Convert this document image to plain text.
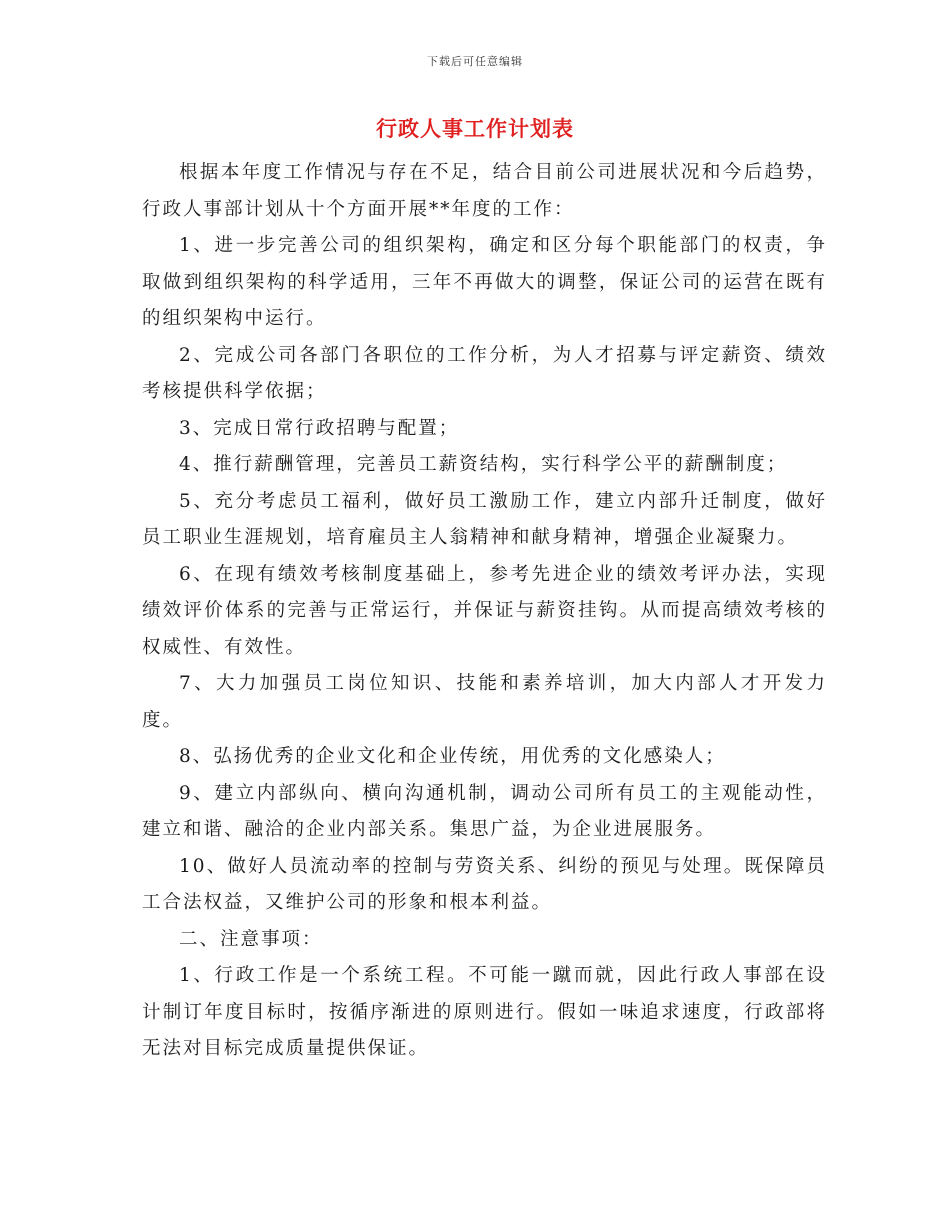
下载后可任意编辑
行政人事工作计划表

根据本年度工作情况与存在不足，结合目前公司进展状况和今后趋势，行政人事部计划从十个方面开展**年度的工作：

1、进一步完善公司的组织架构，确定和区分每个职能部门的权责，争取做到组织架构的科学适用，三年不再做大的调整，保证公司的运营在既有的组织架构中运行。

2、完成公司各部门各职位的工作分析，为人才招募与评定薪资、绩效考核提供科学依据；

3、完成日常行政招聘与配置；

4、推行薪酬管理，完善员工薪资结构，实行科学公平的薪酬制度；

5、充分考虑员工福利，做好员工激励工作，建立内部升迁制度，做好员工职业生涯规划，培育雇员主人翁精神和献身精神，增强企业凝聚力。

6、在现有绩效考核制度基础上，参考先进企业的绩效考评办法，实现绩效评价体系的完善与正常运行，并保证与薪资挂钩。从而提高绩效考核的权威性、有效性。

7、大力加强员工岗位知识、技能和素养培训，加大内部人才开发力度。

8、弘扬优秀的企业文化和企业传统，用优秀的文化感染人；

9、建立内部纵向、横向沟通机制，调动公司所有员工的主观能动性，建立和谐、融洽的企业内部关系。集思广益，为企业进展服务。

10、做好人员流动率的控制与劳资关系、纠纷的预见与处理。既保障员工合法权益，又维护公司的形象和根本利益。

二、注意事项：

1、行政工作是一个系统工程。不可能一蹴而就，因此行政人事部在设计制订年度目标时，按循序渐进的原则进行。假如一味追求速度，行政部将无法对目标完成质量提供保证。
